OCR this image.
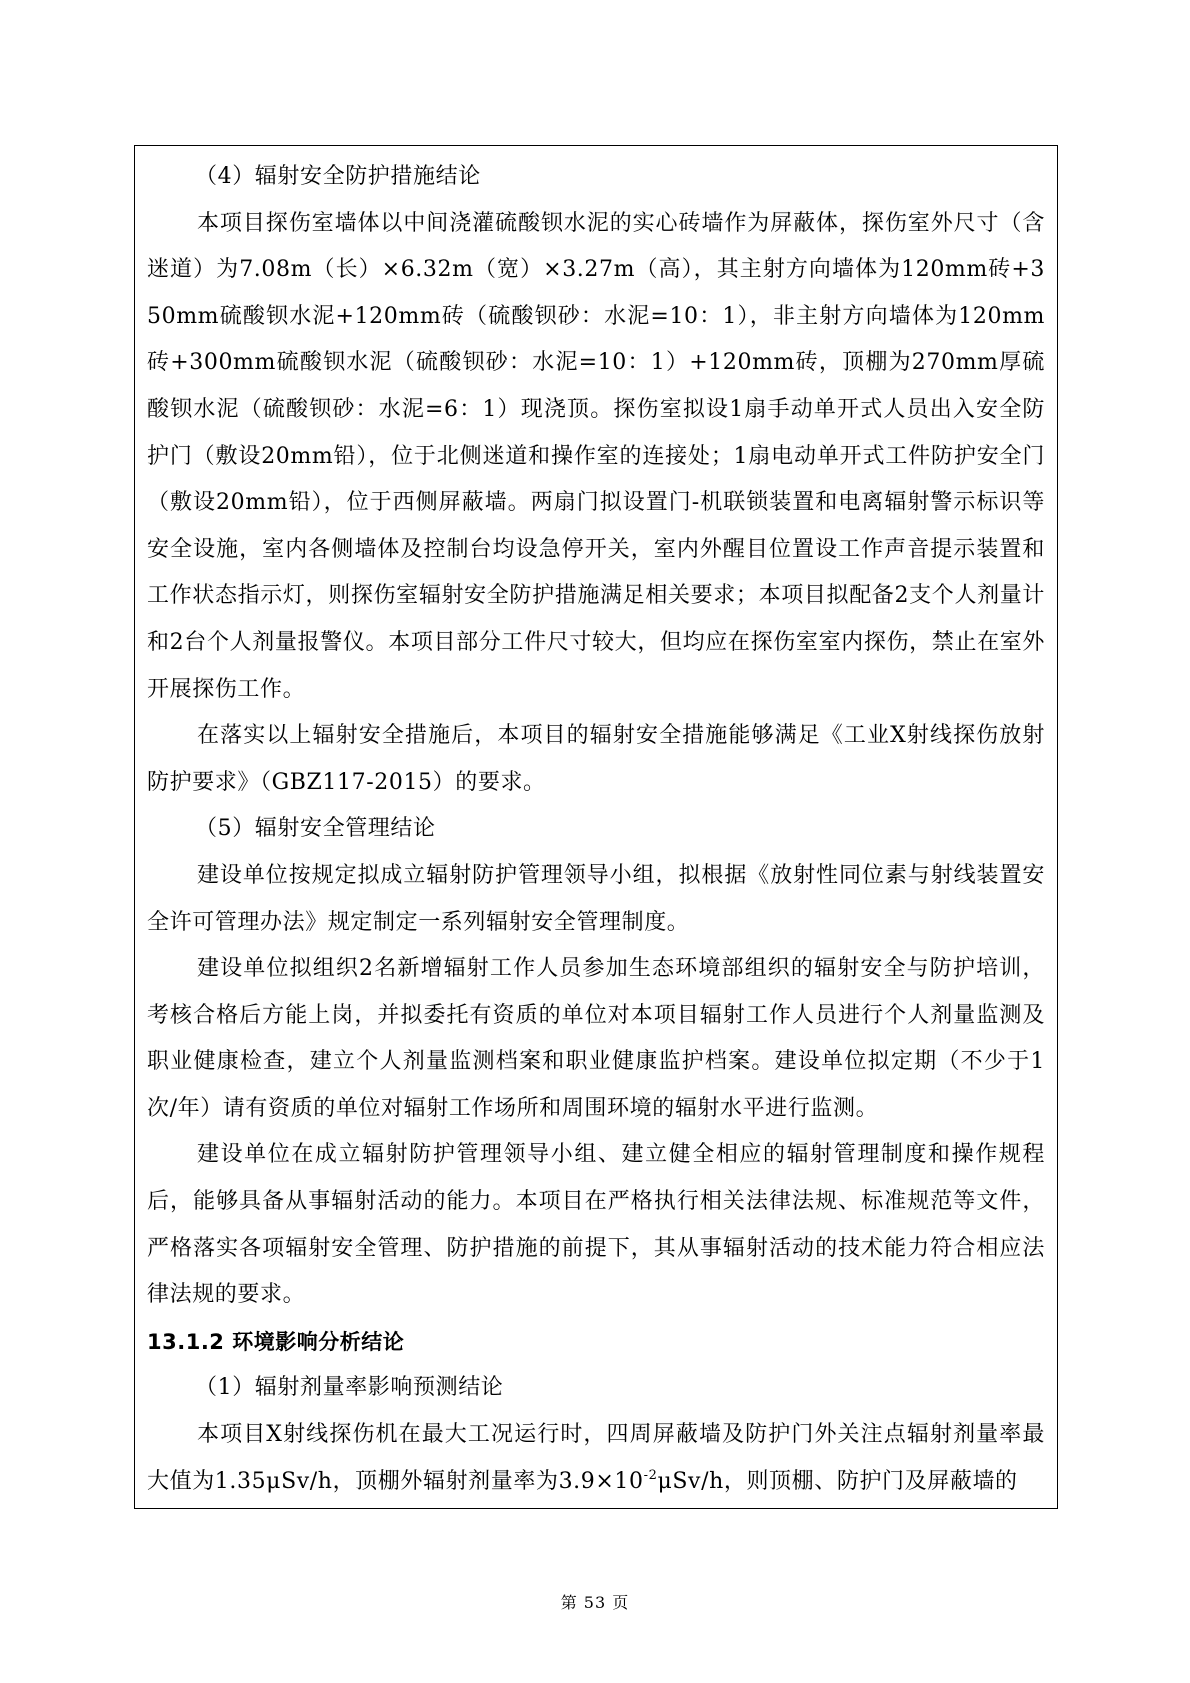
（4）辐射安全防护措施结论

本项目探伤室墙体以中间浇灌硫酸钡水泥的实心砖墙作为屏蔽体，探伤室外尺寸（含迷道）为7.08m（长）×6.32m（宽）×3.27m（高），其主射方向墙体为120mm砖+350mm硫酸钡水泥+120mm砖（硫酸钡砂：水泥=10：1），非主射方向墙体为120mm砖+300mm硫酸钡水泥（硫酸钡砂：水泥=10：1）+120mm砖，顶棚为270mm厚硫酸钡水泥（硫酸钡砂：水泥=6：1）现浇顶。探伤室拟设1扇手动单开式人员出入安全防护门（敷设20mm铅），位于北侧迷道和操作室的连接处；1扇电动单开式工件防护安全门（敷设20mm铅），位于西侧屏蔽墙。两扇门拟设置门-机联锁装置和电离辐射警示标识等安全设施，室内各侧墙体及控制台均设急停开关，室内外醒目位置设工作声音提示装置和工作状态指示灯，则探伤室辐射安全防护措施满足相关要求；本项目拟配备2支个人剂量计和2台个人剂量报警仪。本项目部分工件尺寸较大，但均应在探伤室室内探伤，禁止在室外开展探伤工作。

在落实以上辐射安全措施后，本项目的辐射安全措施能够满足《工业X射线探伤放射防护要求》（GBZ117-2015）的要求。

（5）辐射安全管理结论

建设单位按规定拟成立辐射防护管理领导小组，拟根据《放射性同位素与射线装置安全许可管理办法》规定制定一系列辐射安全管理制度。

建设单位拟组织2名新增辐射工作人员参加生态环境部组织的辐射安全与防护培训，考核合格后方能上岗，并拟委托有资质的单位对本项目辐射工作人员进行个人剂量监测及职业健康检查，建立个人剂量监测档案和职业健康监护档案。建设单位拟定期（不少于1次/年）请有资质的单位对辐射工作场所和周围环境的辐射水平进行监测。

建设单位在成立辐射防护管理领导小组、建立健全相应的辐射管理制度和操作规程后，能够具备从事辐射活动的能力。本项目在严格执行相关法律法规、标准规范等文件，严格落实各项辐射安全管理、防护措施的前提下，其从事辐射活动的技术能力符合相应法律法规的要求。

13.1.2 环境影响分析结论

（1）辐射剂量率影响预测结论

本项目X射线探伤机在最大工况运行时，四周屏蔽墙及防护门外关注点辐射剂量率最大值为1.35μSv/h，顶棚外辐射剂量率为$3.9\times 10^{-2}\mu Sv/h$，则顶棚、防护门及屏蔽墙的

第 53 页
